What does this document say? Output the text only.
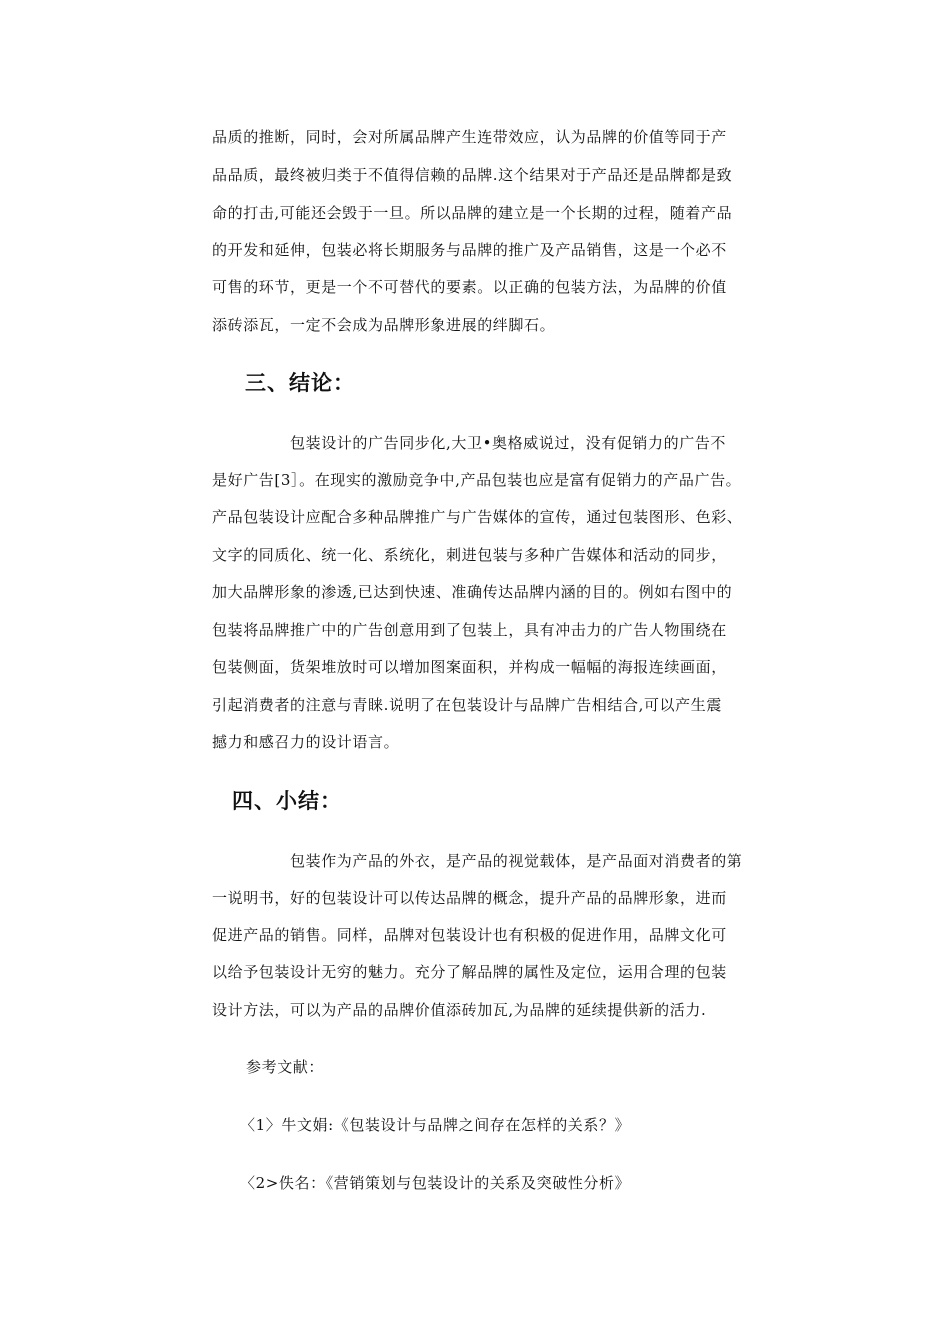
品质的推断，同时，会对所属品牌产生连带效应，认为品牌的价值等同于产
品品质，最终被归类于不值得信赖的品牌.这个结果对于产品还是品牌都是致
命的打击,可能还会毁于一旦。所以品牌的建立是一个长期的过程，随着产品
的开发和延伸，包装必将长期服务与品牌的推广及产品销售，这是一个必不
可售的环节，更是一个不可替代的要素。以正确的包装方法，为品牌的价值
添砖添瓦，一定不会成为品牌形象进展的绊脚石。
三、结论：
包装设计的广告同步化,大卫•奥格威说过，没有促销力的广告不
是好广告[3］。在现实的激励竞争中,产品包装也应是富有促销力的产品广告。
产品包装设计应配合多种品牌推广与广告媒体的宣传，通过包装图形、色彩、
文字的同质化、统一化、系统化，刺进包装与多种广告媒体和活动的同步，
加大品牌形象的渗透,已达到快速、准确传达品牌内涵的目的。例如右图中的
包装将品牌推广中的广告创意用到了包装上，具有冲击力的广告人物围绕在
包装侧面，货架堆放时可以增加图案面积，并构成一幅幅的海报连续画面，
引起消费者的注意与青睐.说明了在包装设计与品牌广告相结合,可以产生震
撼力和感召力的设计语言。
四、小结：
包装作为产品的外衣，是产品的视觉载体，是产品面对消费者的第
一说明书，好的包装设计可以传达品牌的概念，提升产品的品牌形象，进而
促进产品的销售。同样，品牌对包装设计也有积极的促进作用，品牌文化可
以给予包装设计无穷的魅力。充分了解品牌的属性及定位，运用合理的包装
设计方法，可以为产品的品牌价值添砖加瓦,为品牌的延续提供新的活力.
参考文献：
〈1〉牛文娟:《包装设计与品牌之间存在怎样的关系？》
〈2>佚名：《营销策划与包装设计的关系及突破性分析》
